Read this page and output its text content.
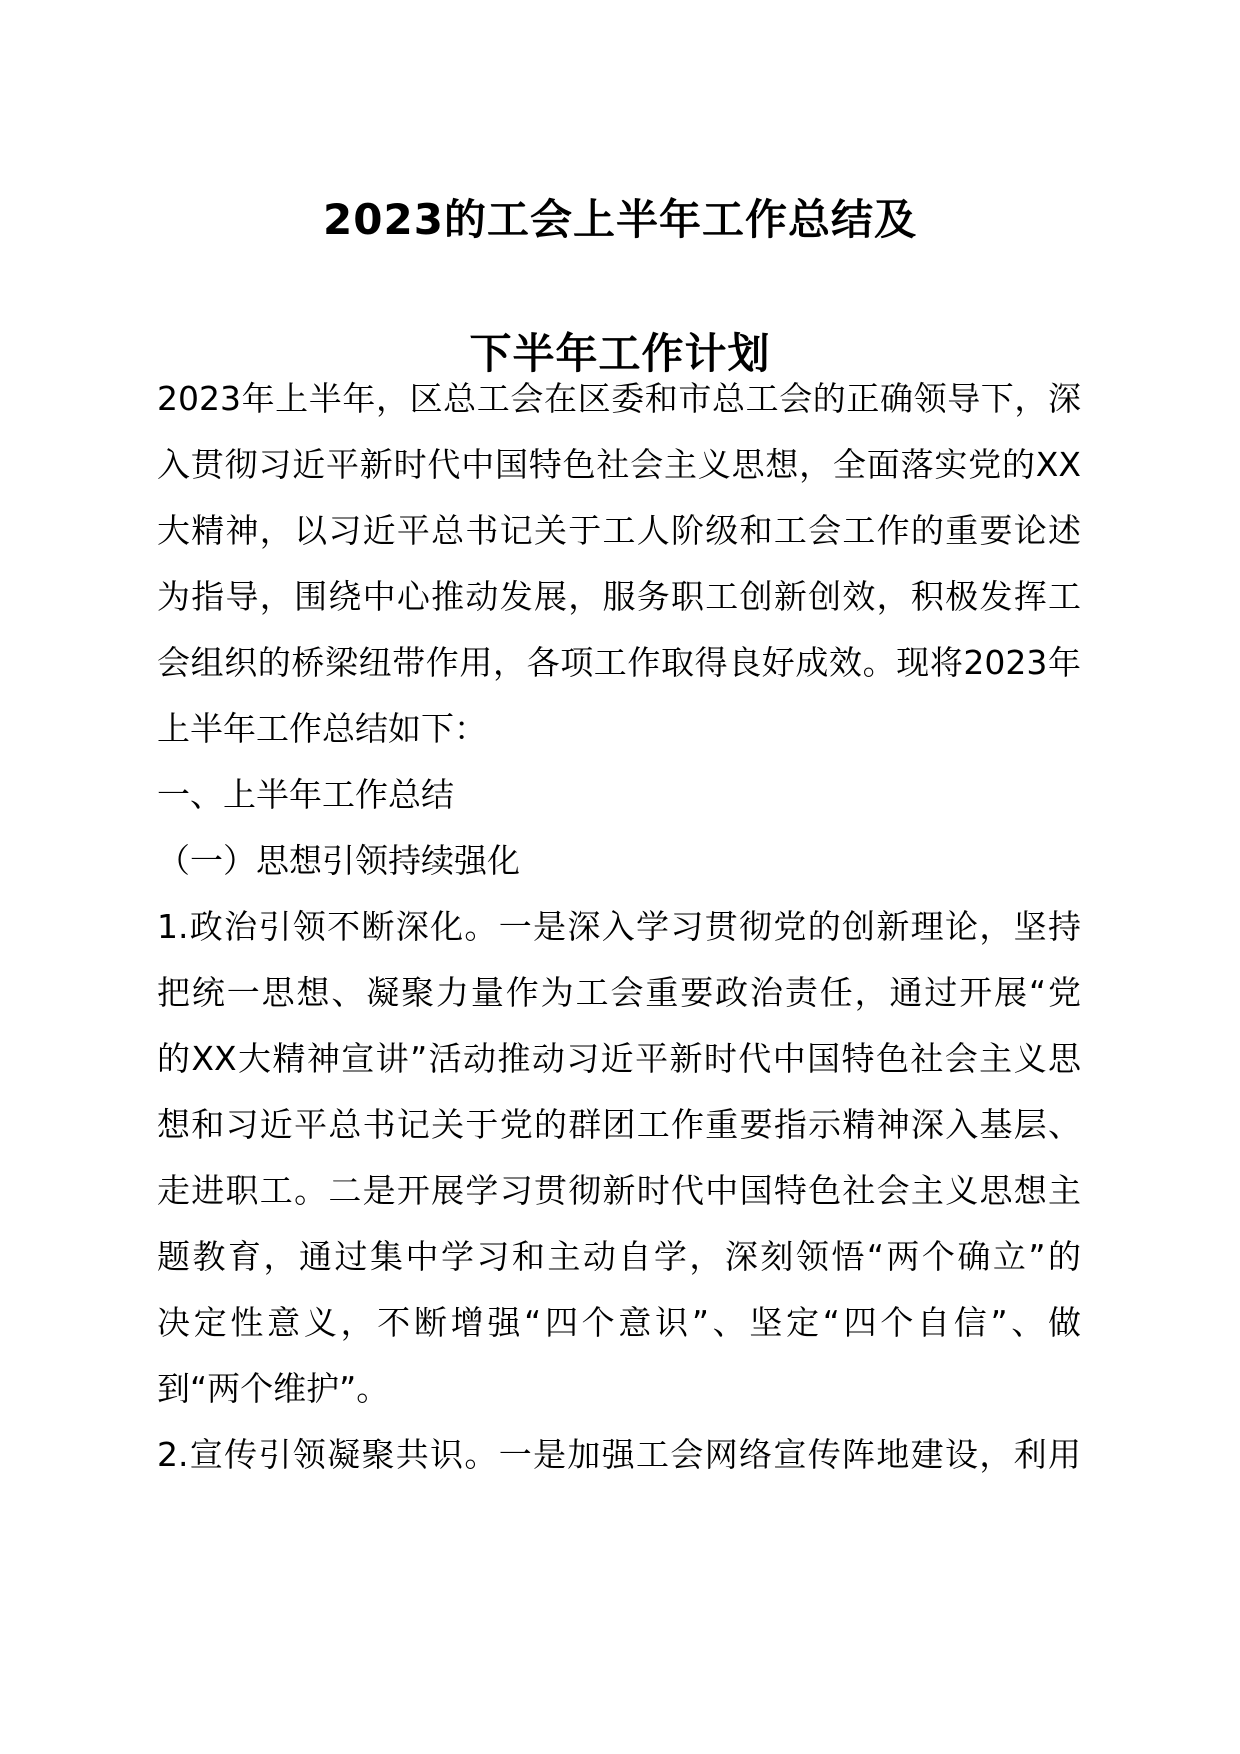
2023的工会上半年工作总结及
下半年工作计划
2023年上半年，区总工会在区委和市总工会的正确领导下，深
入贯彻习近平新时代中国特色社会主义思想，全面落实党的XX
大精神，以习近平总书记关于工人阶级和工会工作的重要论述
为指导，围绕中心推动发展，服务职工创新创效，积极发挥工
会组织的桥梁纽带作用，各项工作取得良好成效。现将2023年
上半年工作总结如下：
一、上半年工作总结
（一）思想引领持续强化
1.政治引领不断深化。一是深入学习贯彻党的创新理论，坚持
把统一思想、凝聚力量作为工会重要政治责任，通过开展“党
的XX大精神宣讲”活动推动习近平新时代中国特色社会主义思
想和习近平总书记关于党的群团工作重要指示精神深入基层、
走进职工。二是开展学习贯彻新时代中国特色社会主义思想主
题教育，通过集中学习和主动自学，深刻领悟“两个确立”的
决定性意义，不断增强“四个意识”、坚定“四个自信”、做
到“两个维护”。
2.宣传引领凝聚共识。一是加强工会网络宣传阵地建设，利用
